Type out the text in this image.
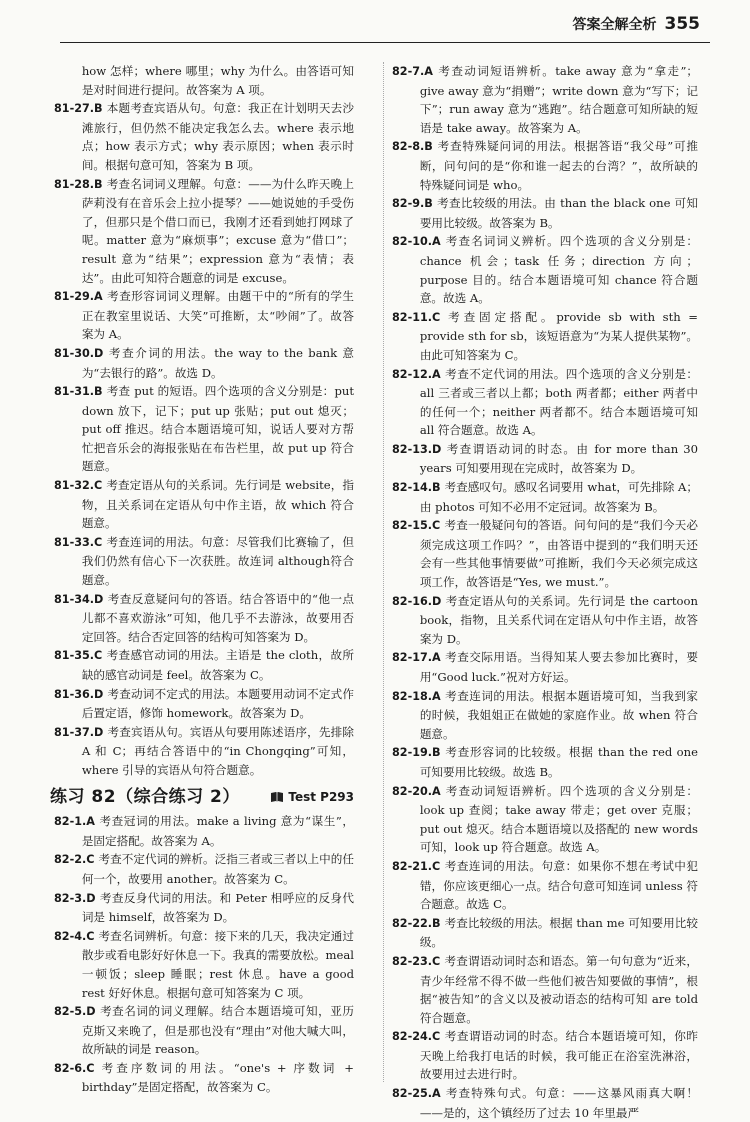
答案全解全析 355
how 怎样；where 哪里；why 为什么。由答语可知是对时间进行提问。故答案为 A 项。
81-27.B 本题考查宾语从句。句意：我正在计划明天去沙滩旅行，但仍然不能决定我怎么去。where 表示地点；how 表示方式；why 表示原因；when 表示时间。根据句意可知，答案为 B 项。
81-28.B 考查名词词义理解。句意：——为什么昨天晚上萨莉没有在音乐会上拉小提琴？——她说她的手受伤了，但那只是个借口而已，我刚才还看到她打网球了呢。matter 意为“麻烦事”；excuse 意为“借口”；result 意为“结果”；expression 意为“表情；表达”。由此可知符合题意的词是 excuse。
81-29.A 考查形容词词义理解。由题干中的“所有的学生正在教室里说话、大笑”可推断，太“吵闹”了。故答案为 A。
81-30.D 考查介词的用法。the way to the bank 意为“去银行的路”。故选 D。
81-31.B 考查 put 的短语。四个选项的含义分别是：put down 放下，记下；put up 张贴；put out 熄灭；put off 推迟。结合本题语境可知，说话人要对方帮忙把音乐会的海报张贴在布告栏里，故 put up 符合题意。
81-32.C 考查定语从句的关系词。先行词是 website，指物，且关系词在定语从句中作主语，故 which 符合题意。
81-33.C 考查连词的用法。句意：尽管我们比赛输了，但我们仍然有信心下一次获胜。故连词 although符合题意。
81-34.D 考查反意疑问句的答语。结合答语中的“他一点儿都不喜欢游泳”可知，他几乎不去游泳，故要用否定回答。结合否定回答的结构可知答案为 D。
81-35.C 考查感官动词的用法。主语是 the cloth，故所缺的感官动词是 feel。故答案为 C。
81-36.D 考查动词不定式的用法。本题要用动词不定式作后置定语，修饰 homework。故答案为 D。
81-37.D 考查宾语从句。宾语从句要用陈述语序，先排除 A 和 C；再结合答语中的“in Chongqing”可知，where 引导的宾语从句符合题意。
练习 82（综合练习 2）	Test P293
82-1.A 考查冠词的用法。make a living 意为“谋生”，是固定搭配。故答案为 A。
82-2.C 考查不定代词的辨析。泛指三者或三者以上中的任何一个，故要用 another。故答案为 C。
82-3.D 考查反身代词的用法。和 Peter 相呼应的反身代词是 himself，故答案为 D。
82-4.C 考查名词辨析。句意：接下来的几天，我决定通过散步或看电影好好休息一下。我真的需要放松。meal 一顿饭；sleep 睡眠；rest 休息。have a good rest 好好休息。根据句意可知答案为 C 项。
82-5.D 考查名词的词义理解。结合本题语境可知，亚历克斯又来晚了，但是那也没有“理由”对他大喊大叫，故所缺的词是 reason。
82-6.C 考查序数词的用法。“one's + 序数词 + birthday”是固定搭配，故答案为 C。
82-7.A 考查动词短语辨析。take away 意为“拿走”；give away 意为“捐赠”；write down 意为“写下；记下”；run away 意为“逃跑”。结合题意可知所缺的短语是 take away。故答案为 A。
82-8.B 考查特殊疑问词的用法。根据答语“我父母”可推断，问句问的是“你和谁一起去的台湾？”，故所缺的特殊疑问词是 who。
82-9.B 考查比较级的用法。由 than the black one 可知要用比较级。故答案为 B。
82-10.A 考查名词词义辨析。四个选项的含义分别是：chance 机会；task 任务；direction 方向；purpose 目的。结合本题语境可知 chance 符合题意。故选 A。
82-11.C 考查固定搭配。provide sb with sth = provide sth for sb，该短语意为“为某人提供某物”。由此可知答案为 C。
82-12.A 考查不定代词的用法。四个选项的含义分别是：all 三者或三者以上都；both 两者都；either 两者中的任何一个；neither 两者都不。结合本题语境可知 all 符合题意。故选 A。
82-13.D 考查谓语动词的时态。由 for more than 30 years 可知要用现在完成时，故答案为 D。
82-14.B 考查感叹句。感叹名词要用 what，可先排除 A；由 photos 可知不必用不定冠词。故答案为 B。
82-15.C 考查一般疑问句的答语。问句问的是“我们今天必须完成这项工作吗？”，由答语中提到的“我们明天还会有一些其他事情要做”可推断，我们今天必须完成这项工作，故答语是“Yes, we must.”。
82-16.D 考查定语从句的关系词。先行词是 the cartoon book，指物，且关系代词在定语从句中作主语，故答案为 D。
82-17.A 考查交际用语。当得知某人要去参加比赛时，要用“Good luck.”祝对方好运。
82-18.A 考查连词的用法。根据本题语境可知，当我到家的时候，我姐姐正在做她的家庭作业。故 when 符合题意。
82-19.B 考查形容词的比较级。根据 than the red one 可知要用比较级。故选 B。
82-20.A 考查动词短语辨析。四个选项的含义分别是：look up 查阅；take away 带走；get over 克服；put out 熄灭。结合本题语境以及搭配的 new words 可知，look up 符合题意。故选 A。
82-21.C 考查连词的用法。句意：如果你不想在考试中犯错，你应该更细心一点。结合句意可知连词 unless 符合题意。故选 C。
82-22.B 考查比较级的用法。根据 than me 可知要用比较级。
82-23.C 考查谓语动词时态和语态。第一句句意为“近来，青少年经常不得不做一些他们被告知要做的事情”，根据“被告知”的含义以及被动语态的结构可知 are told 符合题意。
82-24.C 考查谓语动词的时态。结合本题语境可知，你昨天晚上给我打电话的时候，我可能正在浴室洗淋浴，故要用过去进行时。
82-25.A 考查特殊句式。句意：——这暴风雨真大啊！——是的，这个镇经历了过去 10 年里最严
